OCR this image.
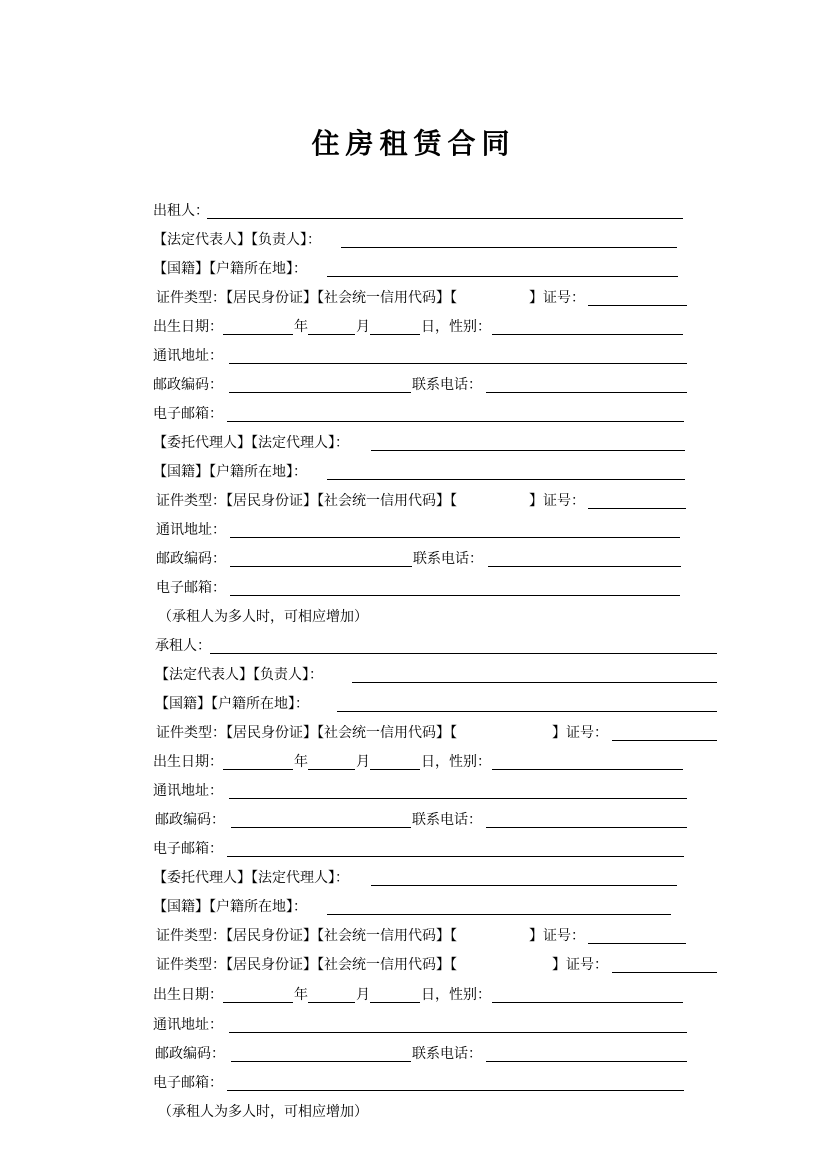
住房租赁合同
出租人：
【法定代表人】【负责人】：
【国籍】【户籍所在地】：
证件类型：【居民身份证】【社会统一信用代码】【	】证号：
出生日期：	年	月	日，性别：
通讯地址：
邮政编码：	联系电话：
电子邮箱：
【委托代理人】【法定代理人】：
【国籍】【户籍所在地】：
证件类型：【居民身份证】【社会统一信用代码】【	】证号：
通讯地址：
邮政编码：	联系电话：
电子邮箱：
（承租人为多人时，可相应增加）
承租人：
【法定代表人】【负责人】：
【国籍】【户籍所在地】：
证件类型：【居民身份证】【社会统一信用代码】【	】证号：
出生日期：	年	月	日，性别：
通讯地址：
邮政编码：	联系电话：
电子邮箱：
【委托代理人】【法定代理人】：
【国籍】【户籍所在地】：
证件类型：【居民身份证】【社会统一信用代码】【	】证号：
证件类型：【居民身份证】【社会统一信用代码】【	】证号：
出生日期：	年	月	日，性别：
通讯地址：
邮政编码：	联系电话：
电子邮箱：
（承租人为多人时，可相应增加）
